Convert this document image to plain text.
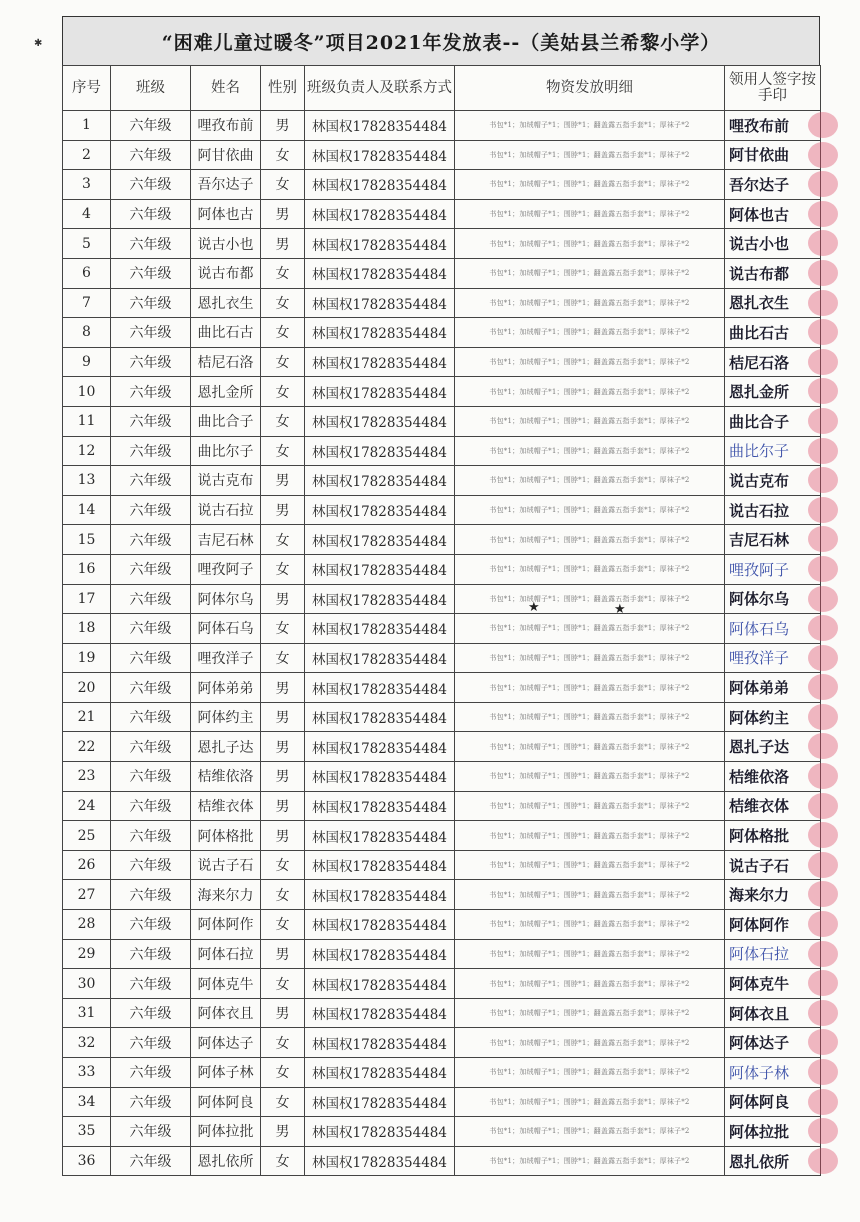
“困难儿童过暖冬”项目2021年发放表--（美姑县兰希黎小学）
序号	班级	姓名	性别	班级负责人及联系方式	物资发放明细	领用人签字按手印
1	六年级	哩孜布前	男	林国权17828354484	书包*1；加绒帽子*1；围脖*1；翻盖露五指手套*1；厚袜子*2	哩孜布前
2	六年级	阿甘依曲	女	林国权17828354484	书包*1；加绒帽子*1；围脖*1；翻盖露五指手套*1；厚袜子*2	阿甘依曲
3	六年级	吾尔达子	女	林国权17828354484	书包*1；加绒帽子*1；围脖*1；翻盖露五指手套*1；厚袜子*2	吾尔达子
4	六年级	阿体也古	男	林国权17828354484	书包*1；加绒帽子*1；围脖*1；翻盖露五指手套*1；厚袜子*2	阿体也古
5	六年级	说古小也	男	林国权17828354484	书包*1；加绒帽子*1；围脖*1；翻盖露五指手套*1；厚袜子*2	说古小也
6	六年级	说古布都	女	林国权17828354484	书包*1；加绒帽子*1；围脖*1；翻盖露五指手套*1；厚袜子*2	说古布都
7	六年级	恩扎衣生	女	林国权17828354484	书包*1；加绒帽子*1；围脖*1；翻盖露五指手套*1；厚袜子*2	恩扎衣生
8	六年级	曲比石古	女	林国权17828354484	书包*1；加绒帽子*1；围脖*1；翻盖露五指手套*1；厚袜子*2	曲比石古
9	六年级	桔尼石洛	女	林国权17828354484	书包*1；加绒帽子*1；围脖*1；翻盖露五指手套*1；厚袜子*2	桔尼石洛
10	六年级	恩扎金所	女	林国权17828354484	书包*1；加绒帽子*1；围脖*1；翻盖露五指手套*1；厚袜子*2	恩扎金所
11	六年级	曲比合子	女	林国权17828354484	书包*1；加绒帽子*1；围脖*1；翻盖露五指手套*1；厚袜子*2	曲比合子
12	六年级	曲比尔子	女	林国权17828354484	书包*1；加绒帽子*1；围脖*1；翻盖露五指手套*1；厚袜子*2	曲比尔子
13	六年级	说古克布	男	林国权17828354484	书包*1；加绒帽子*1；围脖*1；翻盖露五指手套*1；厚袜子*2	说古克布
14	六年级	说古石拉	男	林国权17828354484	书包*1；加绒帽子*1；围脖*1；翻盖露五指手套*1；厚袜子*2	说古石拉
15	六年级	吉尼石林	女	林国权17828354484	书包*1；加绒帽子*1；围脖*1；翻盖露五指手套*1；厚袜子*2	吉尼石林
16	六年级	哩孜阿子	女	林国权17828354484	书包*1；加绒帽子*1；围脖*1；翻盖露五指手套*1；厚袜子*2	哩孜阿子
17	六年级	阿体尔乌	男	林国权17828354484	书包*1；加绒帽子*1；围脖*1；翻盖露五指手套*1；厚袜子*2	阿体尔乌
18	六年级	阿体石乌	女	林国权17828354484	书包*1；加绒帽子*1；围脖*1；翻盖露五指手套*1；厚袜子*2	阿体石乌
19	六年级	哩孜洋子	女	林国权17828354484	书包*1；加绒帽子*1；围脖*1；翻盖露五指手套*1；厚袜子*2	哩孜洋子
20	六年级	阿体弟弟	男	林国权17828354484	书包*1；加绒帽子*1；围脖*1；翻盖露五指手套*1；厚袜子*2	阿体弟弟
21	六年级	阿体约主	男	林国权17828354484	书包*1；加绒帽子*1；围脖*1；翻盖露五指手套*1；厚袜子*2	阿体约主
22	六年级	恩扎子达	男	林国权17828354484	书包*1；加绒帽子*1；围脖*1；翻盖露五指手套*1；厚袜子*2	恩扎子达
23	六年级	桔维依洛	男	林国权17828354484	书包*1；加绒帽子*1；围脖*1；翻盖露五指手套*1；厚袜子*2	桔维依洛
24	六年级	桔维衣体	男	林国权17828354484	书包*1；加绒帽子*1；围脖*1；翻盖露五指手套*1；厚袜子*2	桔维衣体
25	六年级	阿体格批	男	林国权17828354484	书包*1；加绒帽子*1；围脖*1；翻盖露五指手套*1；厚袜子*2	阿体格批
26	六年级	说古子石	女	林国权17828354484	书包*1；加绒帽子*1；围脖*1；翻盖露五指手套*1；厚袜子*2	说古子石
27	六年级	海来尔力	女	林国权17828354484	书包*1；加绒帽子*1；围脖*1；翻盖露五指手套*1；厚袜子*2	海来尔力
28	六年级	阿体阿作	女	林国权17828354484	书包*1；加绒帽子*1；围脖*1；翻盖露五指手套*1；厚袜子*2	阿体阿作
29	六年级	阿体石拉	男	林国权17828354484	书包*1；加绒帽子*1；围脖*1；翻盖露五指手套*1；厚袜子*2	阿体石拉
30	六年级	阿体克牛	女	林国权17828354484	书包*1；加绒帽子*1；围脖*1；翻盖露五指手套*1；厚袜子*2	阿体克牛
31	六年级	阿体衣且	男	林国权17828354484	书包*1；加绒帽子*1；围脖*1；翻盖露五指手套*1；厚袜子*2	阿体衣且
32	六年级	阿体达子	女	林国权17828354484	书包*1；加绒帽子*1；围脖*1；翻盖露五指手套*1；厚袜子*2	阿体达子
33	六年级	阿体子林	女	林国权17828354484	书包*1；加绒帽子*1；围脖*1；翻盖露五指手套*1；厚袜子*2	阿体子林
34	六年级	阿体阿良	女	林国权17828354484	书包*1；加绒帽子*1；围脖*1；翻盖露五指手套*1；厚袜子*2	阿体阿良
35	六年级	阿体拉批	男	林国权17828354484	书包*1；加绒帽子*1；围脖*1；翻盖露五指手套*1；厚袜子*2	阿体拉批
36	六年级	恩扎依所	女	林国权17828354484	书包*1；加绒帽子*1；围脖*1；翻盖露五指手套*1；厚袜子*2	恩扎依所
★	★
✱
